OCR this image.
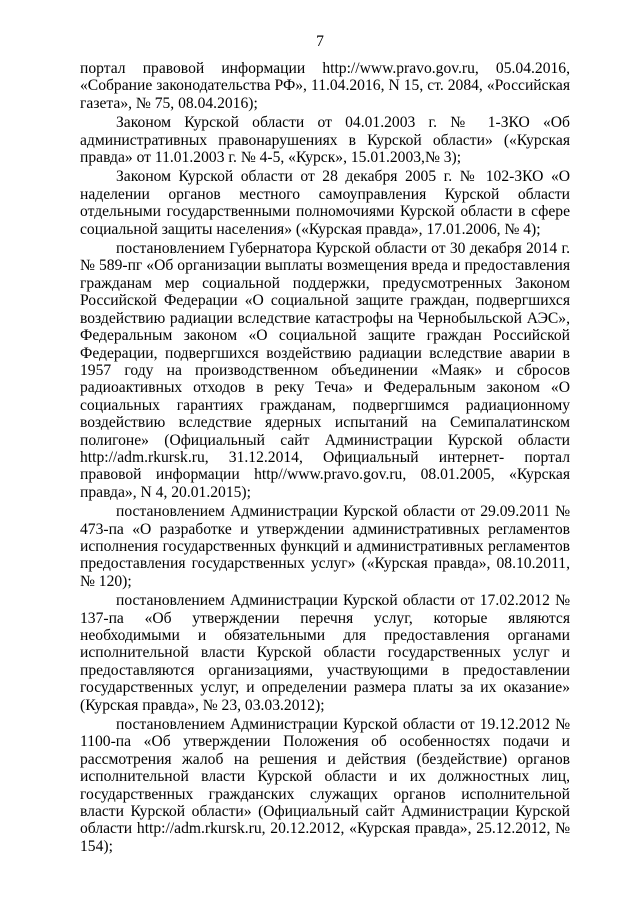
7

портал правовой информации http://www.pravo.gov.ru, 05.04.2016, «Собрание законодательства РФ», 11.04.2016, N 15, ст. 2084, «Российская газета», № 75, 08.04.2016);

Законом Курской области от 04.01.2003 г. № 1-ЗКО «Об административных правонарушениях в Курской области» («Курская правда» от 11.01.2003 г. № 4-5, «Курск», 15.01.2003,№ 3);

Законом Курской области от 28 декабря 2005 г. № 102-ЗКО «О наделении органов местного самоуправления Курской области отдельными государственными полномочиями Курской области в сфере социальной защиты населения» («Курская правда», 17.01.2006, № 4);

постановлением Губернатора Курской области от 30 декабря 2014 г. № 589-пг «Об организации выплаты возмещения вреда и предоставления гражданам мер социальной поддержки, предусмотренных Законом Российской Федерации «О социальной защите граждан, подвергшихся воздействию радиации вследствие катастрофы на Чернобыльской АЭС», Федеральным законом «О социальной защите граждан Российской Федерации, подвергшихся воздействию радиации вследствие аварии в 1957 году на производственном объединении «Маяк» и сбросов радиоактивных отходов в реку Теча» и Федеральным законом «О социальных гарантиях гражданам, подвергшимся радиационному воздействию вследствие ядерных испытаний на Семипалатинском полигоне» (Официальный сайт Администрации Курской области http://adm.rkursk.ru, 31.12.2014, Официальный интернет- портал правовой информации http//www.pravo.gov.ru, 08.01.2005, «Курская правда», N 4, 20.01.2015);

постановлением Администрации Курской области от 29.09.2011 № 473-па «О разработке и утверждении административных регламентов исполнения государственных функций и административных регламентов предоставления государственных услуг» («Курская правда», 08.10.2011, № 120);

постановлением Администрации Курской области от 17.02.2012 № 137-па «Об утверждении перечня услуг, которые являются необходимыми и обязательными для предоставления органами исполнительной власти Курской области государственных услуг и предоставляются организациями, участвующими в предоставлении государственных услуг, и определении размера платы за их оказание» (Курская правда», № 23, 03.03.2012);

постановлением Администрации Курской области от 19.12.2012 № 1100-па «Об утверждении Положения об особенностях подачи и рассмотрения жалоб на решения и действия (бездействие) органов исполнительной власти Курской области и их должностных лиц, государственных гражданских служащих органов исполнительной власти Курской области» (Официальный сайт Администрации Курской области http://adm.rkursk.ru, 20.12.2012, «Курская правда», 25.12.2012, № 154);
